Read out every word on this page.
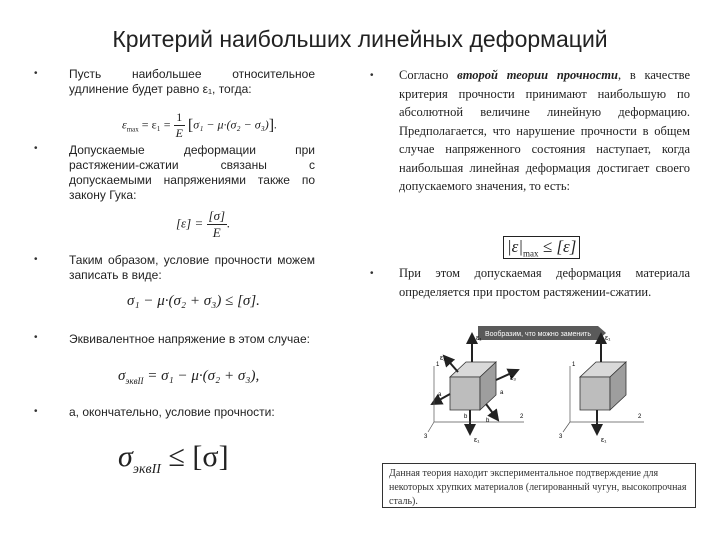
Критерий наибольших линейных деформаций
•	Пусть наибольшее относительное удлинение будет равно ε₁, тогда:
$\varepsilon_{max} = \varepsilon_1 = \frac{1}{E} [\sigma_1 - \mu\cdot(\sigma_2 - \sigma_3)]$.
•	Допускаемые деформации при растяжении-сжатии связаны с допускаемыми напряжениями также по закону Гука:
$[\varepsilon] = \frac{[\sigma]}{E}$ .
•	Таким образом, условие прочности можем записать в виде:
σ₁ − μ·(σ₂ + σ₃) ≤ [σ].
•	Эквивалентное напряжение в этом случае:
$\sigma_{эквII} = \sigma_1 - \mu\cdot(\sigma_2 + \sigma_3)$,
•	а, окончательно, условие прочности:
$\sigma_{эквII} \le [\sigma]$
• Согласно второй теории прочности, в качестве критерия прочности принимают наибольшую по абсолютной величине линейную деформацию. Предполагается, что нарушение прочности в общем случае напряженного состояния наступает, когда наибольшая линейная деформация достигает своего допускаемого значения, то есть:
$|\varepsilon|_{max} \le [\varepsilon]$
• При этом допускаемая деформация материала определяется при простом растяжении-сжатии.
Вообразим, что можно заменить
ε₁
ε₂
ε₃
a
b
a
b
1
2
3	ε₁
ε₁
1
2
3	ε₁
Данная теория находит экспериментальное подтверждение для некоторых хрупких материалов (легированный чугун, высокопрочная сталь).
